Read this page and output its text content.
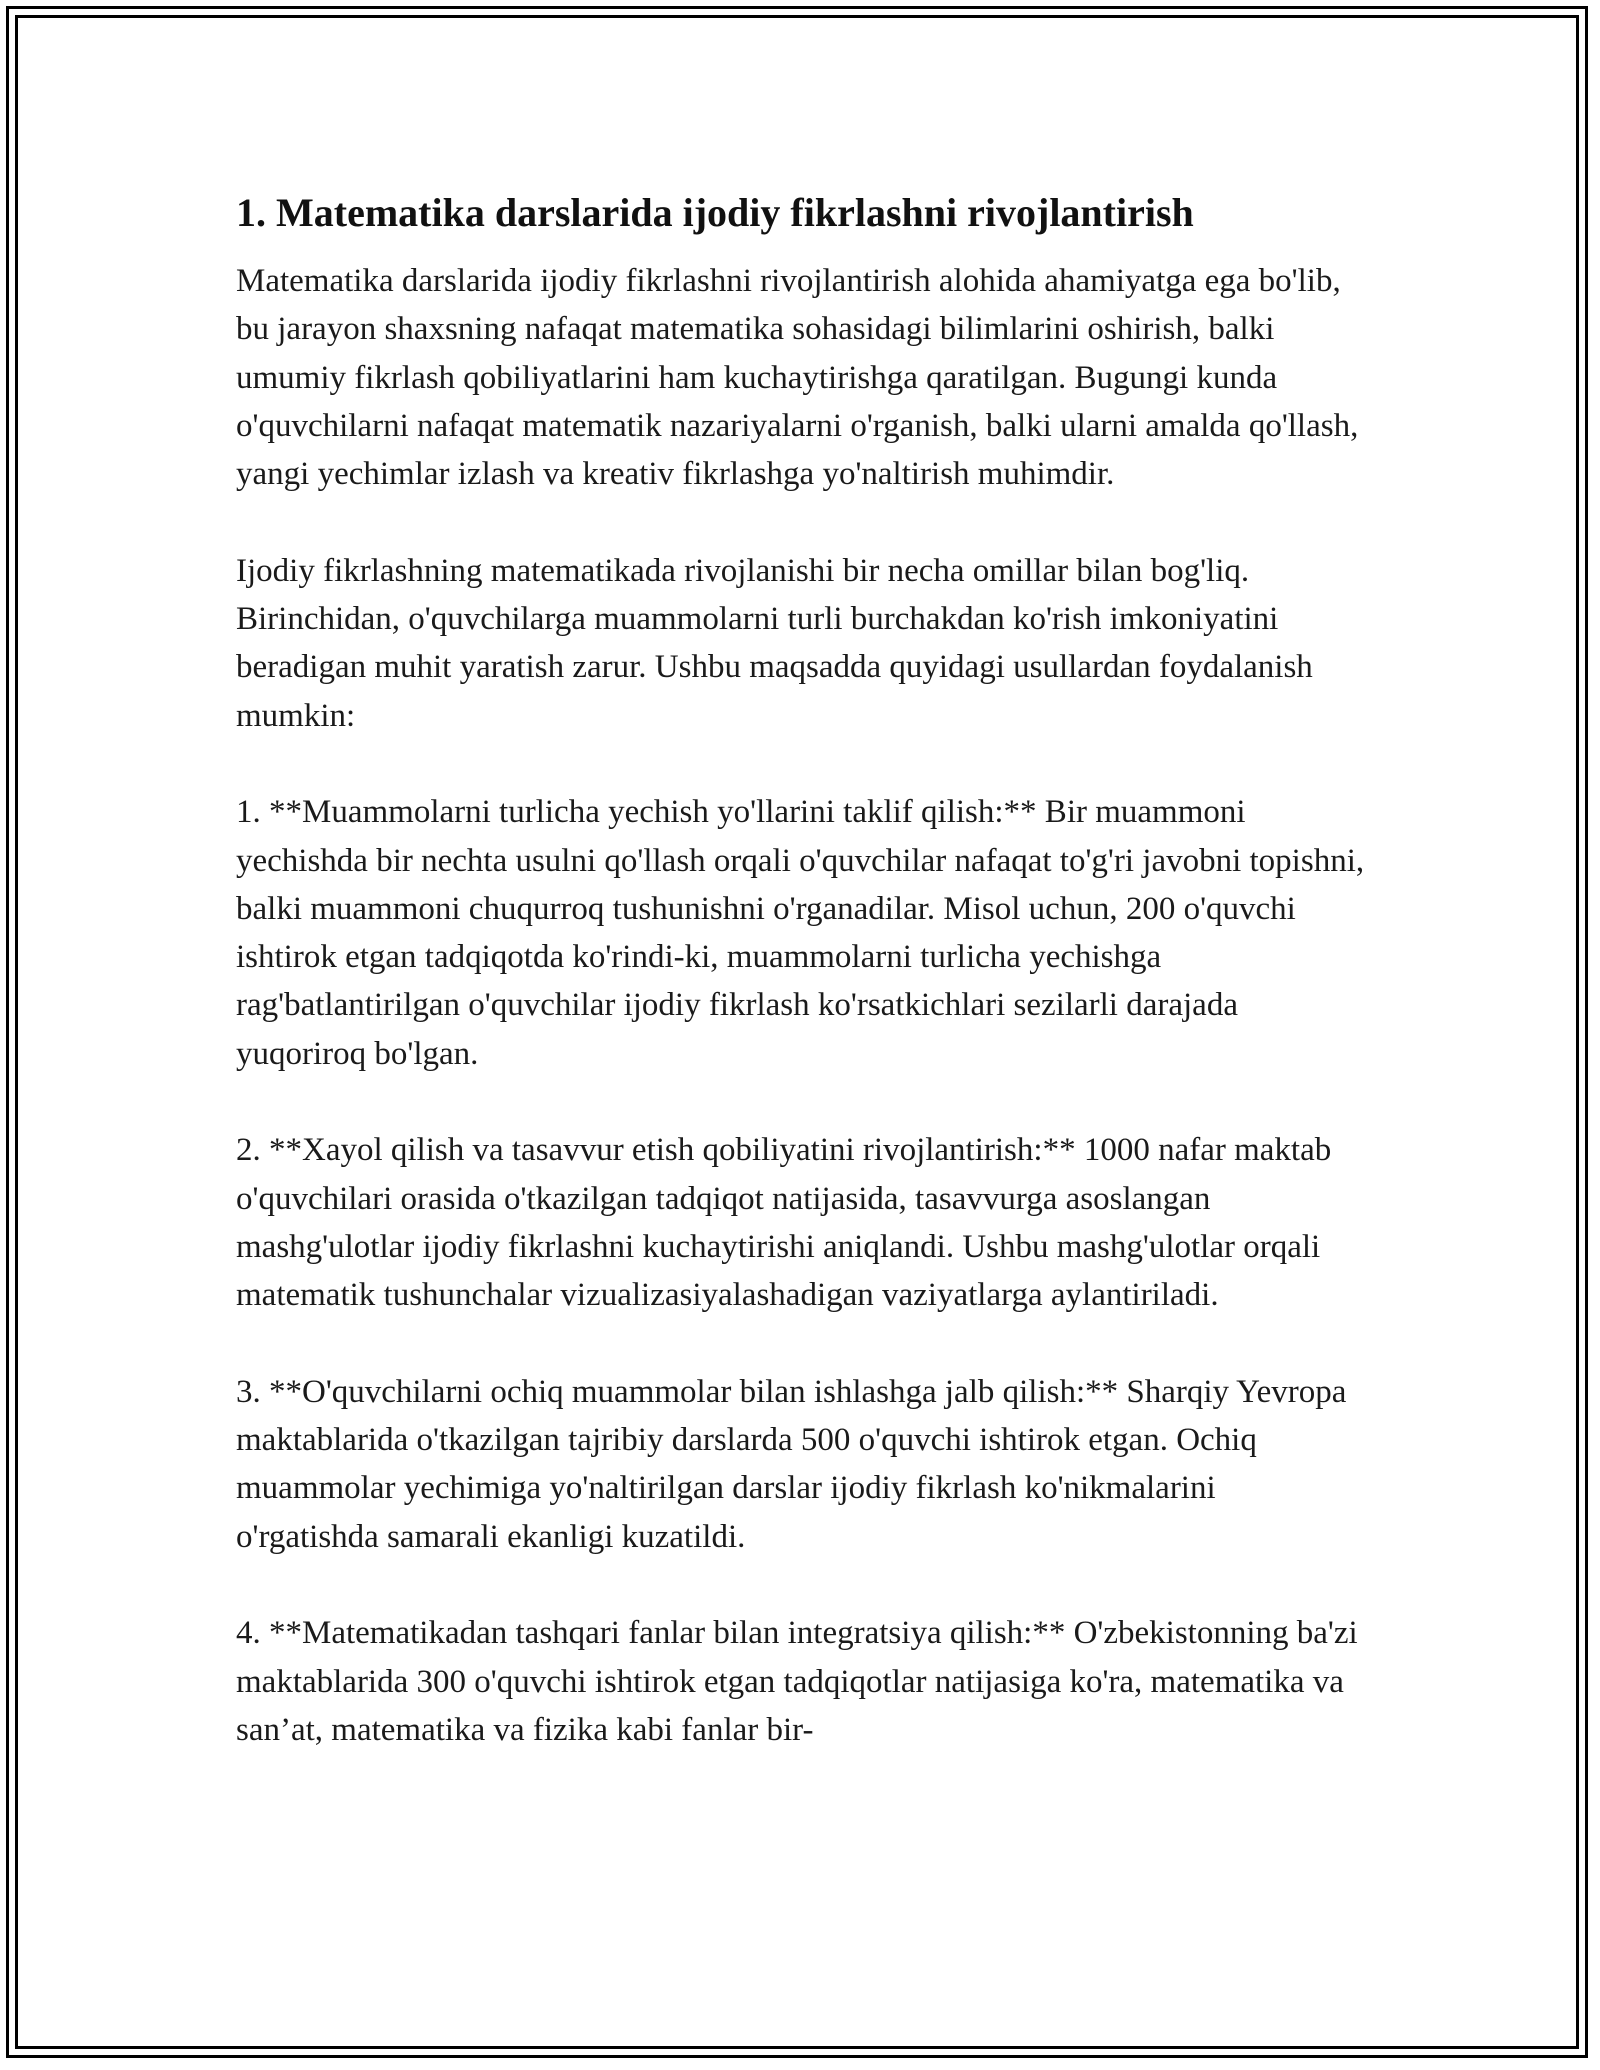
1. Matematika darslarida ijodiy fikrlashni rivojlantirish

Matematika darslarida ijodiy fikrlashni rivojlantirish alohida ahamiyatga ega bo'lib, bu jarayon shaxsning nafaqat matematika sohasidagi bilimlarini oshirish, balki umumiy fikrlash qobiliyatlarini ham kuchaytirishga qaratilgan. Bugungi kunda o'quvchilarni nafaqat matematik nazariyalarni o'rganish, balki ularni amalda qo'llash, yangi yechimlar izlash va kreativ fikrlashga yo'naltirish muhimdir.

Ijodiy fikrlashning matematikada rivojlanishi bir necha omillar bilan bog'liq. Birinchidan, o'quvchilarga muammolarni turli burchakdan ko'rish imkoniyatini beradigan muhit yaratish zarur. Ushbu maqsadda quyidagi usullardan foydalanish mumkin:

1. **Muammolarni turlicha yechish yo'llarini taklif qilish:** Bir muammoni yechishda bir nechta usulni qo'llash orqali o'quvchilar nafaqat to'g'ri javobni topishni, balki muammoni chuqurroq tushunishni o'rganadilar. Misol uchun, 200 o'quvchi ishtirok etgan tadqiqotda ko'rindi-ki, muammolarni turlicha yechishga rag'batlantirilgan o'quvchilar ijodiy fikrlash ko'rsatkichlari sezilarli darajada yuqoriroq bo'lgan.

2. **Xayol qilish va tasavvur etish qobiliyatini rivojlantirish:** 1000 nafar maktab o'quvchilari orasida o'tkazilgan tadqiqot natijasida, tasavvurga asoslangan mashg'ulotlar ijodiy fikrlashni kuchaytirishi aniqlandi. Ushbu mashg'ulotlar orqali matematik tushunchalar vizualizasiyalashadigan vaziyatlarga aylantiriladi.

3. **O'quvchilarni ochiq muammolar bilan ishlashga jalb qilish:** Sharqiy Yevropa maktablarida o'tkazilgan tajribiy darslarda 500 o'quvchi ishtirok etgan. Ochiq muammolar yechimiga yo'naltirilgan darslar ijodiy fikrlash ko'nikmalarini o'rgatishda samarali ekanligi kuzatildi.

4. **Matematikadan tashqari fanlar bilan integratsiya qilish:** O'zbekistonning ba'zi maktablarida 300 o'quvchi ishtirok etgan tadqiqotlar natijasiga ko'ra, matematika va san’at, matematika va fizika kabi fanlar bir-
